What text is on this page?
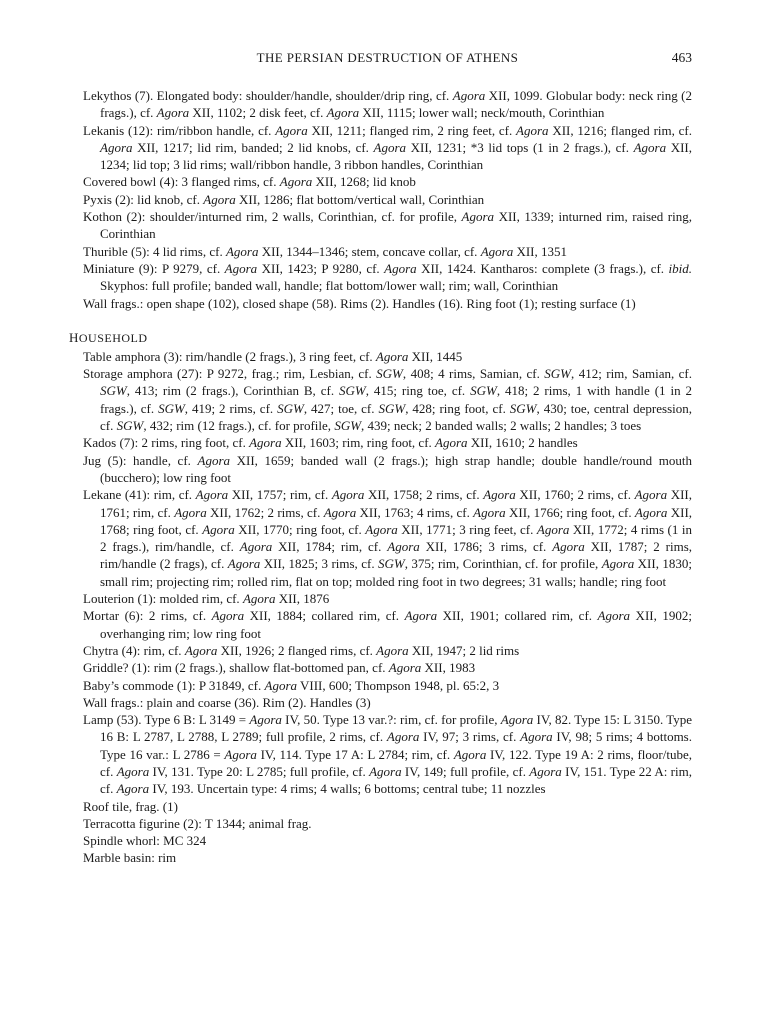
THE PERSIAN DESTRUCTION OF ATHENS	463

Lekythos (7). Elongated body: shoulder/handle, shoulder/drip ring, cf. Agora XII, 1099. Globular body: neck ring (2 frags.), cf. Agora XII, 1102; 2 disk feet, cf. Agora XII, 1115; lower wall; neck/mouth, Corinthian

Lekanis (12): rim/ribbon handle, cf. Agora XII, 1211; flanged rim, 2 ring feet, cf. Agora XII, 1216; flanged rim, cf. Agora XII, 1217; lid rim, banded; 2 lid knobs, cf. Agora XII, 1231; *3 lid tops (1 in 2 frags.), cf. Agora XII, 1234; lid top; 3 lid rims; wall/ribbon handle, 3 ribbon handles, Corinthian

Covered bowl (4): 3 flanged rims, cf. Agora XII, 1268; lid knob

Pyxis (2): lid knob, cf. Agora XII, 1286; flat bottom/vertical wall, Corinthian

Kothon (2): shoulder/inturned rim, 2 walls, Corinthian, cf. for profile, Agora XII, 1339; inturned rim, raised ring, Corinthian

Thurible (5): 4 lid rims, cf. Agora XII, 1344–1346; stem, concave collar, cf. Agora XII, 1351

Miniature (9): P 9279, cf. Agora XII, 1423; P 9280, cf. Agora XII, 1424. Kantharos: complete (3 frags.), cf. ibid. Skyphos: full profile; banded wall, handle; flat bottom/lower wall; rim; wall, Corinthian

Wall frags.: open shape (102), closed shape (58). Rims (2). Handles (16). Ring foot (1); resting surface (1)

HOUSEHOLD

Table amphora (3): rim/handle (2 frags.), 3 ring feet, cf. Agora XII, 1445

Storage amphora (27): P 9272, frag.; rim, Lesbian, cf. SGW, 408; 4 rims, Samian, cf. SGW, 412; rim, Samian, cf. SGW, 413; rim (2 frags.), Corinthian B, cf. SGW, 415; ring toe, cf. SGW, 418; 2 rims, 1 with handle (1 in 2 frags.), cf. SGW, 419; 2 rims, cf. SGW, 427; toe, cf. SGW, 428; ring foot, cf. SGW, 430; toe, central depression, cf. SGW, 432; rim (12 frags.), cf. for profile, SGW, 439; neck; 2 banded walls; 2 walls; 2 handles; 3 toes

Kados (7): 2 rims, ring foot, cf. Agora XII, 1603; rim, ring foot, cf. Agora XII, 1610; 2 handles

Jug (5): handle, cf. Agora XII, 1659; banded wall (2 frags.); high strap handle; double handle/round mouth (bucchero); low ring foot

Lekane (41): rim, cf. Agora XII, 1757; rim, cf. Agora XII, 1758; 2 rims, cf. Agora XII, 1760; 2 rims, cf. Agora XII, 1761; rim, cf. Agora XII, 1762; 2 rims, cf. Agora XII, 1763; 4 rims, cf. Agora XII, 1766; ring foot, cf. Agora XII, 1768; ring foot, cf. Agora XII, 1770; ring foot, cf. Agora XII, 1771; 3 ring feet, cf. Agora XII, 1772; 4 rims (1 in 2 frags.), rim/handle, cf. Agora XII, 1784; rim, cf. Agora XII, 1786; 3 rims, cf. Agora XII, 1787; 2 rims, rim/handle (2 frags), cf. Agora XII, 1825; 3 rims, cf. SGW, 375; rim, Corinthian, cf. for profile, Agora XII, 1830; small rim; projecting rim; rolled rim, flat on top; molded ring foot in two degrees; 31 walls; handle; ring foot

Louterion (1): molded rim, cf. Agora XII, 1876

Mortar (6): 2 rims, cf. Agora XII, 1884; collared rim, cf. Agora XII, 1901; collared rim, cf. Agora XII, 1902; overhanging rim; low ring foot

Chytra (4): rim, cf. Agora XII, 1926; 2 flanged rims, cf. Agora XII, 1947; 2 lid rims

Griddle? (1): rim (2 frags.), shallow flat-bottomed pan, cf. Agora XII, 1983

Baby’s commode (1): P 31849, cf. Agora VIII, 600; Thompson 1948, pl. 65:2, 3

Wall frags.: plain and coarse (36). Rim (2). Handles (3)

Lamp (53). Type 6 B: L 3149 = Agora IV, 50. Type 13 var.?: rim, cf. for profile, Agora IV, 82. Type 15: L 3150. Type 16 B: L 2787, L 2788, L 2789; full profile, 2 rims, cf. Agora IV, 97; 3 rims, cf. Agora IV, 98; 5 rims; 4 bottoms. Type 16 var.: L 2786 = Agora IV, 114. Type 17 A: L 2784; rim, cf. Agora IV, 122. Type 19 A: 2 rims, floor/tube, cf. Agora IV, 131. Type 20: L 2785; full profile, cf. Agora IV, 149; full profile, cf. Agora IV, 151. Type 22 A: rim, cf. Agora IV, 193. Uncertain type: 4 rims; 4 walls; 6 bottoms; central tube; 11 nozzles

Roof tile, frag. (1)

Terracotta figurine (2): T 1344; animal frag.

Spindle whorl: MC 324

Marble basin: rim
